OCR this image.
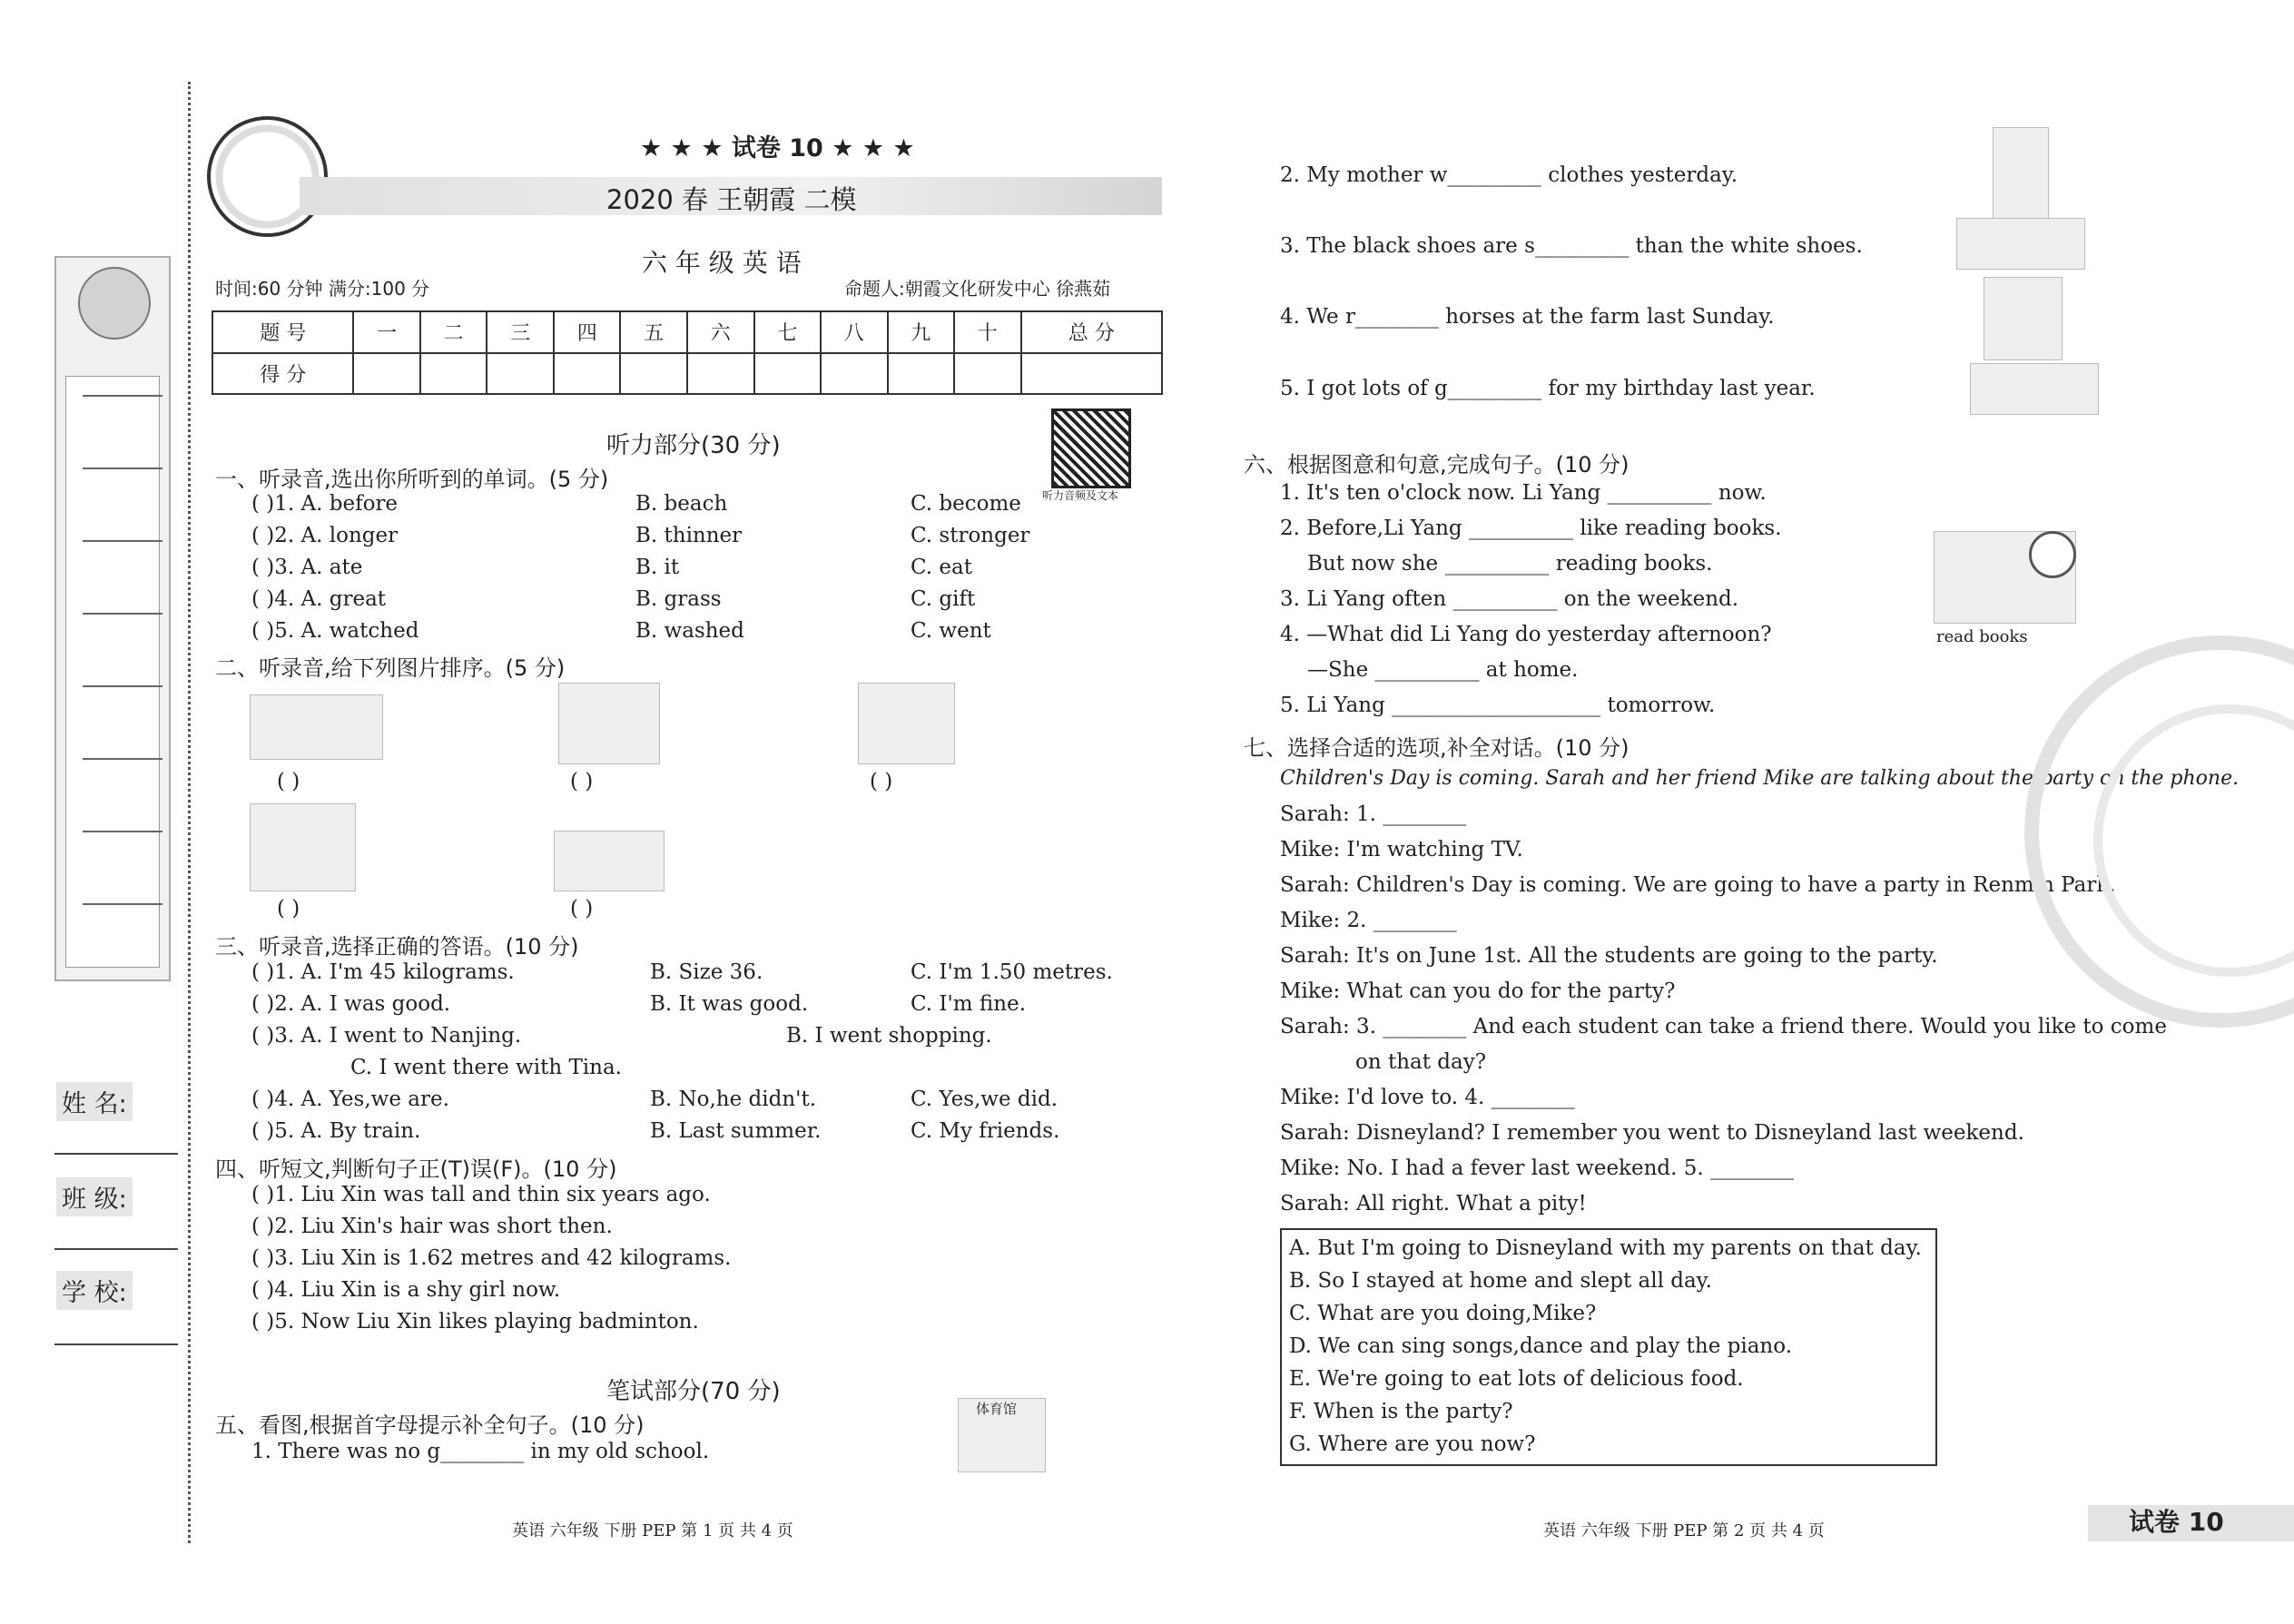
姓 名:
班 级:
学 校:
★ ★ ★ 试卷 10 ★ ★ ★
2020 春 王朝霞 二模
六 年 级 英 语
时间:60 分钟 满分:100 分	命题人:朝霞文化研发中心 徐燕茹
题 号	一	二	三	四	五	六	七	八	九	十	总 分
得 分											
听力音频及文本
听力部分(30 分)
一、听录音,选出你所听到的单词。(5 分)
( )1. A. before	B. beach	C. become
( )2. A. longer	B. thinner	C. stronger
( )3. A. ate	B. it	C. eat
( )4. A. great	B. grass	C. gift
( )5. A. watched	B. washed	C. went
二、听录音,给下列图片排序。(5 分)
( )	( )	( )
( )	( )
三、听录音,选择正确的答语。(10 分)
( )1. A. I'm 45 kilograms.	B. Size 36.	C. I'm 1.50 metres.
( )2. A. I was good.	B. It was good.	C. I'm fine.
( )3. A. I went to Nanjing.	B. I went shopping.
C. I went there with Tina.
( )4. A. Yes,we are.	B. No,he didn't.	C. Yes,we did.
( )5. A. By train.	B. Last summer.	C. My friends.
四、听短文,判断句子正(T)误(F)。(10 分)
( )1. Liu Xin was tall and thin six years ago.
( )2. Liu Xin's hair was short then.
( )3. Liu Xin is 1.62 metres and 42 kilograms.
( )4. Liu Xin is a shy girl now.
( )5. Now Liu Xin likes playing badminton.
笔试部分(70 分)
五、看图,根据首字母提示补全句子。(10 分)
1. There was no g________ in my old school.
体育馆
英语 六年级 下册 PEP 第 1 页 共 4 页
2. My mother w_________ clothes yesterday.
3. The black shoes are s_________ than the white shoes.
4. We r________ horses at the farm last Sunday.
5. I got lots of g_________ for my birthday last year.
六、根据图意和句意,完成句子。(10 分)
1. It's ten o'clock now. Li Yang __________ now.
2. Before,Li Yang __________ like reading books.
But now she __________ reading books.
3. Li Yang often __________ on the weekend.
4. —What did Li Yang do yesterday afternoon?
—She __________ at home.
5. Li Yang ____________________ tomorrow.
read books
七、选择合适的选项,补全对话。(10 分)
Children's Day is coming. Sarah and her friend Mike are talking about the party on the phone.
Sarah: 1. ________
Mike: I'm watching TV.
Sarah: Children's Day is coming. We are going to have a party in Renmin Park.
Mike: 2. ________
Sarah: It's on June 1st. All the students are going to the party.
Mike: What can you do for the party?
Sarah: 3. ________ And each student can take a friend there. Would you like to come
on that day?
Mike: I'd love to. 4. ________
Sarah: Disneyland? I remember you went to Disneyland last weekend.
Mike: No. I had a fever last weekend. 5. ________
Sarah: All right. What a pity!
A. But I'm going to Disneyland with my parents on that day.
B. So I stayed at home and slept all day.
C. What are you doing,Mike?
D. We can sing songs,dance and play the piano.
E. We're going to eat lots of delicious food.
F. When is the party?
G. Where are you now?
英语 六年级 下册 PEP 第 2 页 共 4 页	试卷 10
